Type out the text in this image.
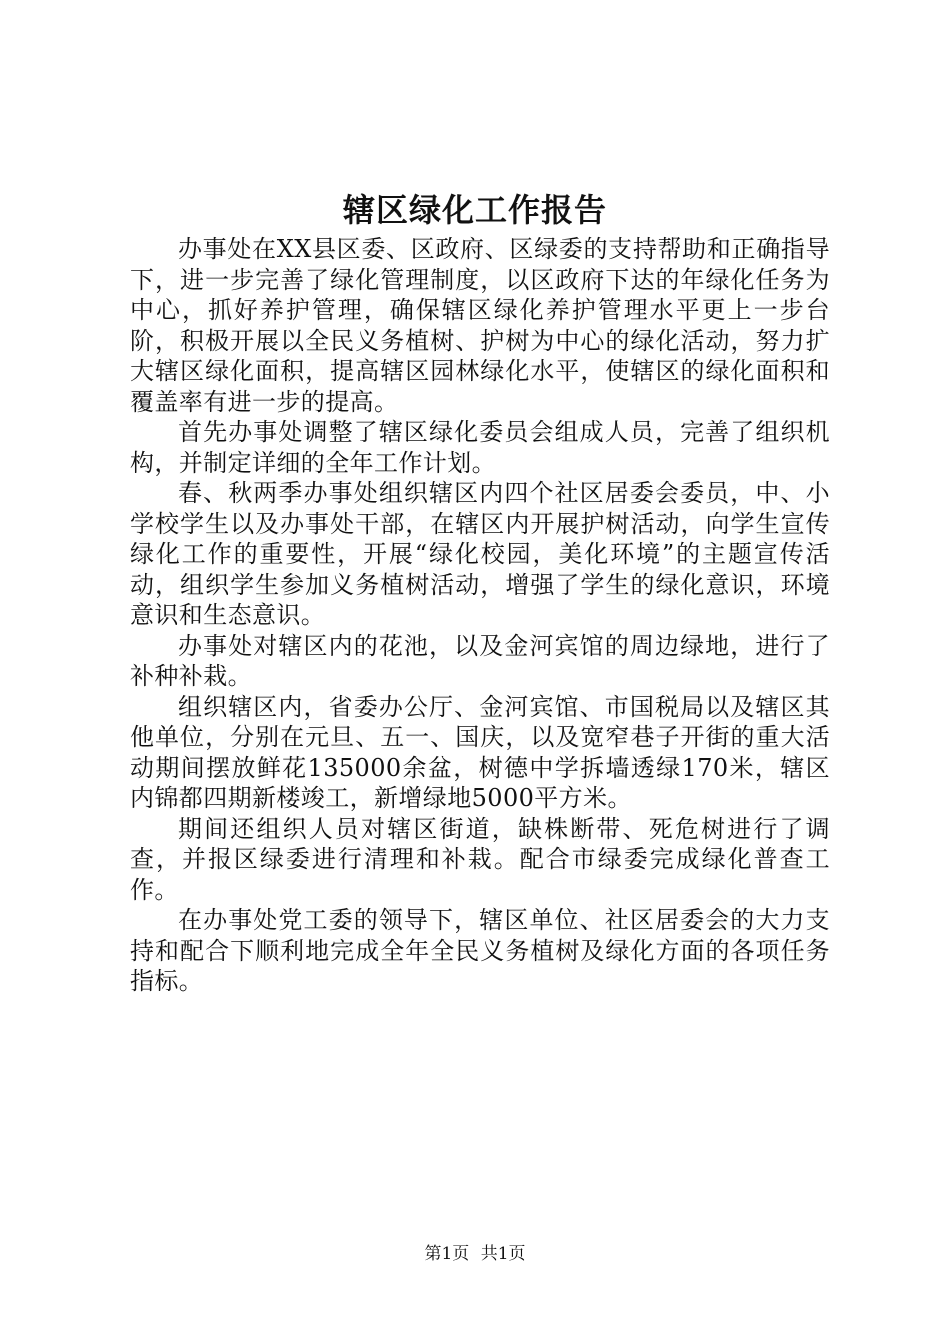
辖区绿化工作报告

办事处在XX县区委、区政府、区绿委的支持帮助和正确指导下，进一步完善了绿化管理制度，以区政府下达的年绿化任务为中心，抓好养护管理，确保辖区绿化养护管理水平更上一步台阶，积极开展以全民义务植树、护树为中心的绿化活动，努力扩大辖区绿化面积，提高辖区园林绿化水平，使辖区的绿化面积和覆盖率有进一步的提高。

首先办事处调整了辖区绿化委员会组成人员，完善了组织机构，并制定详细的全年工作计划。

春、秋两季办事处组织辖区内四个社区居委会委员，中、小学校学生以及办事处干部，在辖区内开展护树活动，向学生宣传绿化工作的重要性，开展“绿化校园，美化环境”的主题宣传活动，组织学生参加义务植树活动，增强了学生的绿化意识，环境意识和生态意识。

办事处对辖区内的花池，以及金河宾馆的周边绿地，进行了补种补栽。

组织辖区内，省委办公厅、金河宾馆、市国税局以及辖区其他单位，分别在元旦、五一、国庆，以及宽窄巷子开街的重大活动期间摆放鲜花135000余盆，树德中学拆墙透绿170米，辖区内锦都四期新楼竣工，新增绿地5000平方米。

期间还组织人员对辖区街道，缺株断带、死危树进行了调查，并报区绿委进行清理和补栽。配合市绿委完成绿化普查工作。

在办事处党工委的领导下，辖区单位、社区居委会的大力支持和配合下顺利地完成全年全民义务植树及绿化方面的各项任务指标。

第1页 共1页
